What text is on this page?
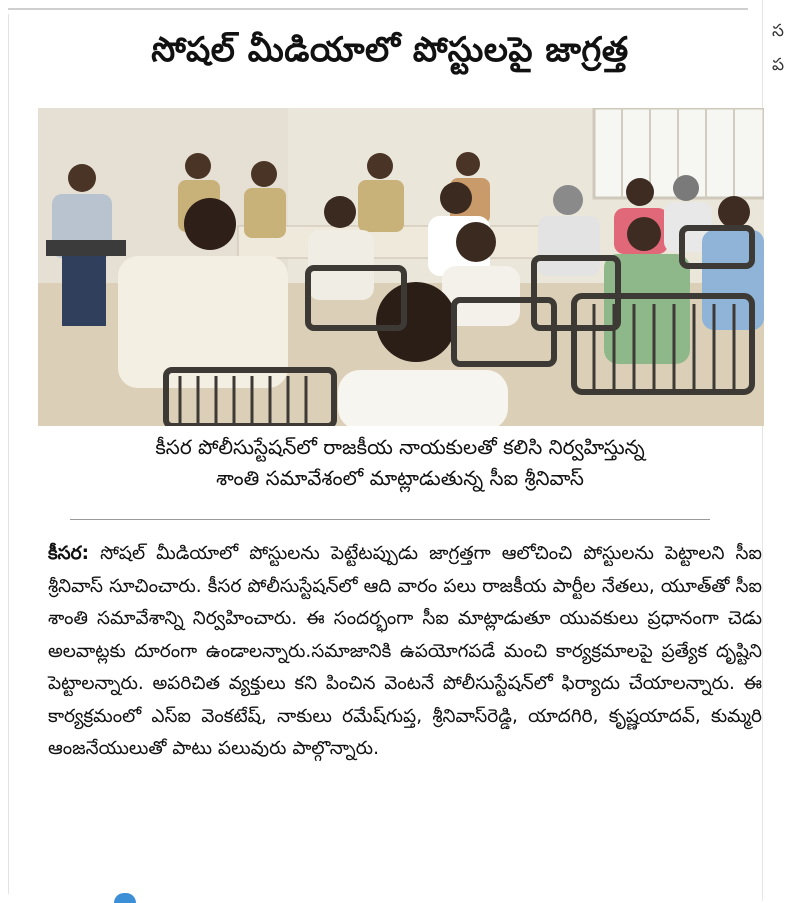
స
ప
సోషల్ మీడియాలో పోస్టులపై జాగ్రత్త
కీసర పోలీసుస్టేషన్‌లో రాజకీయ నాయకులతో కలిసి నిర్వహిస్తున్న
శాంతి సమావేశంలో మాట్లాడుతున్న సీఐ శ్రీనివాస్
కీసర: సోషల్ మీడియాలో పోస్టులను పెట్టేటప్పుడు జాగ్రత్తగా ఆలోచించి పోస్టులను పెట్టాలని సీఐ శ్రీనివాస్ సూచించారు. కీసర పోలీసుస్టేషన్‌లో ఆది వారం పలు రాజకీయ పార్టీల నేతలు, యూత్‌తో సీఐ శాంతి సమావేశాన్ని నిర్వహించారు. ఈ సందర్భంగా సీఐ మాట్లాడుతూ యువకులు ప్రధానంగా చెడు అలవాట్లకు దూరంగా ఉండాలన్నారు.సమాజానికి ఉపయోగపడే మంచి కార్యక్రమాలపై ప్రత్యేక దృష్టిని పెట్టాలన్నారు. అపరిచిత వ్యక్తులు కని పించిన వెంటనే పోలీసుస్టేషన్‌లో ఫిర్యాదు చేయాలన్నారు. ఈ కార్యక్రమంలో ఎస్ఐ వెంకటేష్, నాకులు రమేష్‌గుప్త, శ్రీనివాస్‌రెడ్డి, యాదగిరి, కృష్ణయాదవ్, కుమ్మరి ఆంజనేయులుతో పాటు పలువురు పాల్గొన్నారు.
